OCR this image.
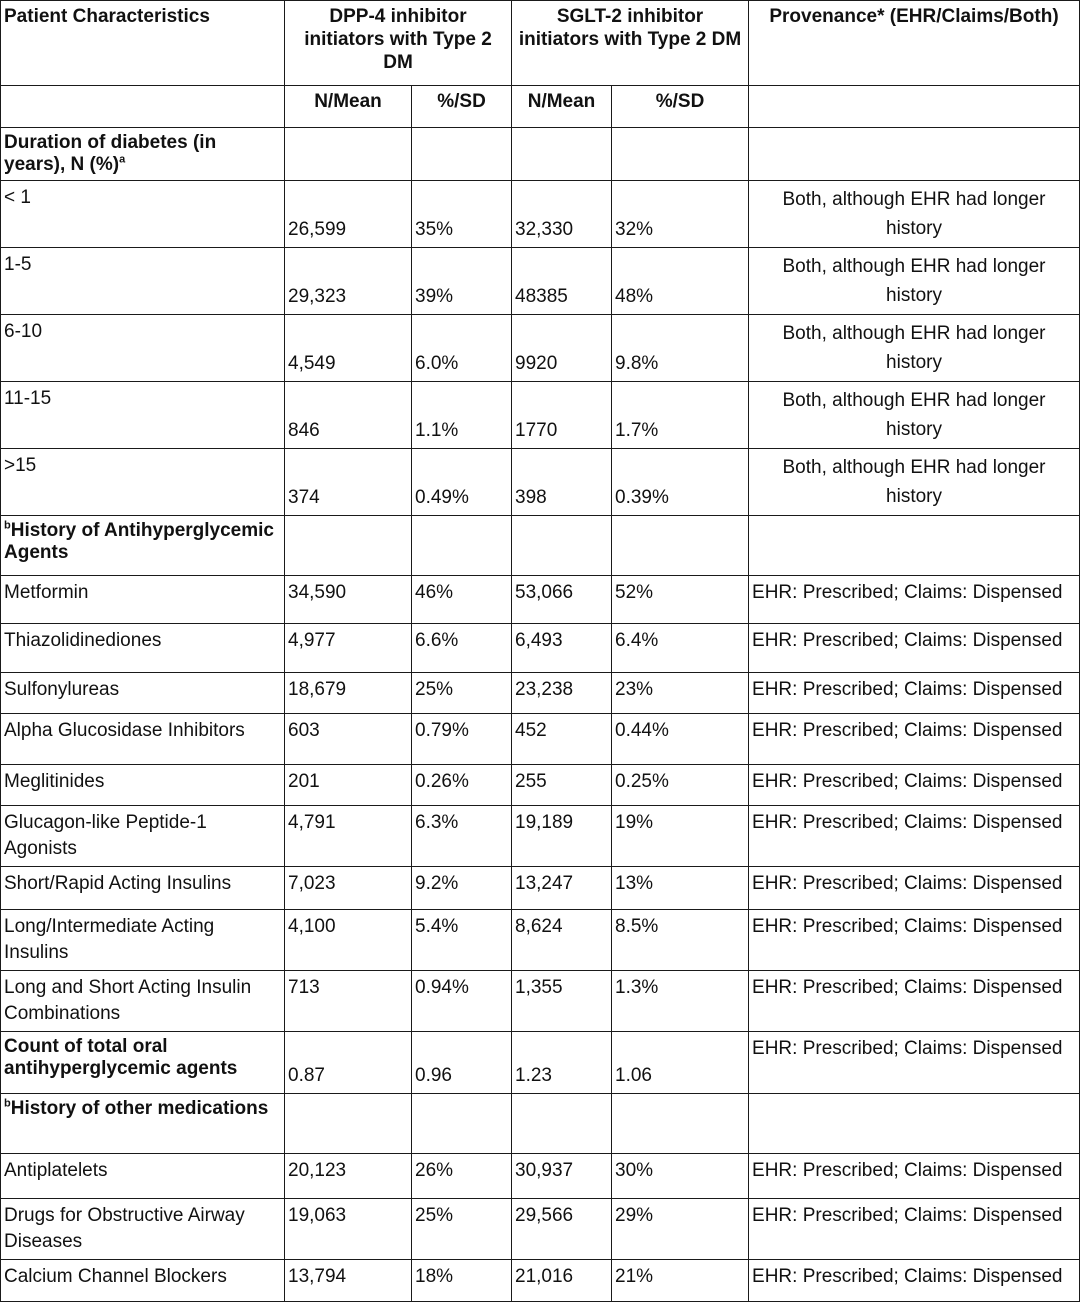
Patient Characteristics	DPP-4 inhibitor initiators with Type 2 DM		SGLT-2 inhibitor initiators with Type 2 DM		Provenance* (EHR/Claims/Both)
	N/Mean	%/SD	N/Mean	%/SD	
Duration of diabetes (in years), N (%)$^a$					
< 1	26,599	35%	32,330	32%	Both, although EHR had longer history
1-5	29,323	39%	48385	48%	Both, although EHR had longer history
6-10	4,549	6.0%	9920	9.8%	Both, although EHR had longer history
11-15	846	1.1%	1770	1.7%	Both, although EHR had longer history
>15	374	0.49%	398	0.39%	Both, although EHR had longer history
$^b$History of Antihyperglycemic Agents					
Metformin	34,590	46%	53,066	52%	EHR: Prescribed; Claims: Dispensed
Thiazolidinediones	4,977	6.6%	6,493	6.4%	EHR: Prescribed; Claims: Dispensed
Sulfonylureas	18,679	25%	23,238	23%	EHR: Prescribed; Claims: Dispensed
Alpha Glucosidase Inhibitors	603	0.79%	452	0.44%	EHR: Prescribed; Claims: Dispensed
Meglitinides	201	0.26%	255	0.25%	EHR: Prescribed; Claims: Dispensed
Glucagon-like Peptide-1 Agonists	4,791	6.3%	19,189	19%	EHR: Prescribed; Claims: Dispensed
Short/Rapid Acting Insulins	7,023	9.2%	13,247	13%	EHR: Prescribed; Claims: Dispensed
Long/Intermediate Acting Insulins	4,100	5.4%	8,624	8.5%	EHR: Prescribed; Claims: Dispensed
Long and Short Acting Insulin Combinations	713	0.94%	1,355	1.3%	EHR: Prescribed; Claims: Dispensed
Count of total oral antihyperglycemic agents	0.87	0.96	1.23	1.06	EHR: Prescribed; Claims: Dispensed
$^b$History of other medications					
Antiplatelets	20,123	26%	30,937	30%	EHR: Prescribed; Claims: Dispensed
Drugs for Obstructive Airway Diseases	19,063	25%	29,566	29%	EHR: Prescribed; Claims: Dispensed
Calcium Channel Blockers	13,794	18%	21,016	21%	EHR: Prescribed; Claims: Dispensed
